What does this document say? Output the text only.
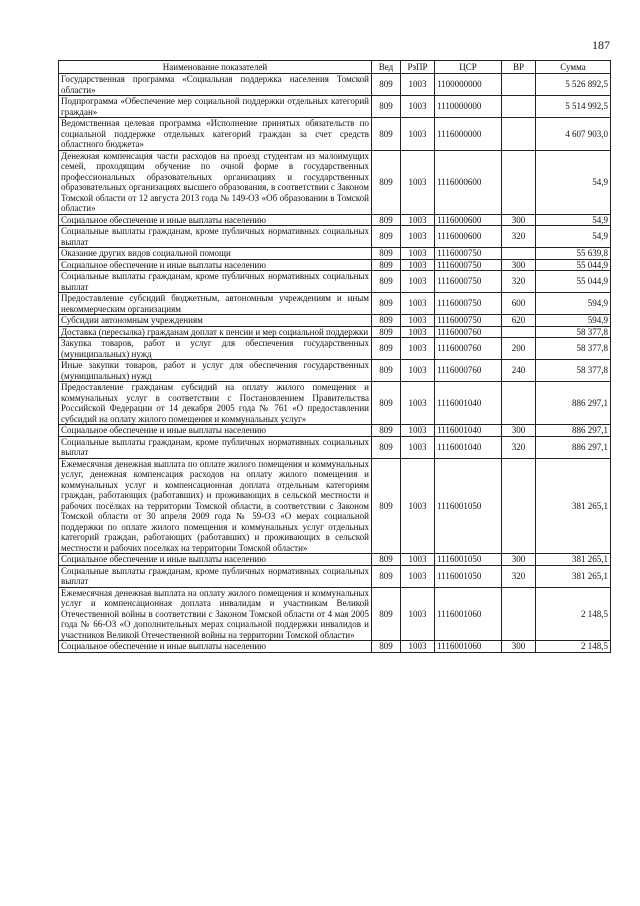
187
Наименование показателей	Вед	РзПР	ЦСР	ВР	Сумма
Государственная программа «Социальная поддержка населения Томской области»	809	1003	1100000000		5 526 892,5
Подпрограмма «Обеспечение мер социальной поддержки отдельных категорий граждан»	809	1003	1110000000		5 514 992,5
Ведомственная целевая программа «Исполнение принятых обязательств по социальной поддержке отдельных категорий граждан за счет средств областного бюджета»	809	1003	1116000000		4 607 903,0
Денежная компенсация части расходов на проезд студентам из малоимущих семей, проходящим обучение по очной форме в государственных профессиональных образовательных организациях и государственных образовательных организациях высшего образования, в соответствии с Законом Томской области от 12 августа 2013 года № 149-ОЗ «Об образовании в Томской области»	809	1003	1116000600		54,9
Социальное обеспечение и иные выплаты населению	809	1003	1116000600	300	54,9
Социальные выплаты гражданам, кроме публичных нормативных социальных выплат	809	1003	1116000600	320	54,9
Оказание других видов социальной помощи	809	1003	1116000750		55 639,8
Социальное обеспечение и иные выплаты населению	809	1003	1116000750	300	55 044,9
Социальные выплаты гражданам, кроме публичных нормативных социальных выплат	809	1003	1116000750	320	55 044,9
Предоставление субсидий бюджетным, автономным учреждениям и иным некоммерческим организациям	809	1003	1116000750	600	594,9
Субсидии автономным учреждениям	809	1003	1116000750	620	594,9
Доставка (пересылка) гражданам доплат к пенсии и мер социальной поддержки	809	1003	1116000760		58 377,8
Закупка товаров, работ и услуг для обеспечения государственных (муниципальных) нужд	809	1003	1116000760	200	58 377,8
Иные закупки товаров, работ и услуг для обеспечения государственных (муниципальных) нужд	809	1003	1116000760	240	58 377,8
Предоставление гражданам субсидий на оплату жилого помещения и коммунальных услуг в соответствии с Постановлением Правительства Российской Федерации от 14 декабря 2005 года № 761 «О предоставлении субсидий на оплату жилого помещения и коммунальных услуг»	809	1003	1116001040		886 297,1
Социальное обеспечение и иные выплаты населению	809	1003	1116001040	300	886 297,1
Социальные выплаты гражданам, кроме публичных нормативных социальных выплат	809	1003	1116001040	320	886 297,1
Ежемесячная денежная выплата по оплате жилого помещения и коммунальных услуг, денежная компенсация расходов на оплату жилого помещения и коммунальных услуг и компенсационная доплата отдельным категориям граждан, работающих (работавших) и проживающих в сельской местности и рабочих посёлках на территории Томской области, в соответствии с Законом Томской области от 30 апреля 2009 года № 59-ОЗ «О мерах социальной поддержки по оплате жилого помещения и коммунальных услуг отдельных категорий граждан, работающих (работавших) и проживающих в сельской местности и рабочих поселках на территории Томской области»	809	1003	1116001050		381 265,1
Социальное обеспечение и иные выплаты населению	809	1003	1116001050	300	381 265,1
Социальные выплаты гражданам, кроме публичных нормативных социальных выплат	809	1003	1116001050	320	381 265,1
Ежемесячная денежная выплата на оплату жилого помещения и коммунальных услуг и компенсационная доплата инвалидам и участникам Великой Отечественной войны в соответствии с Законом Томской области от 4 мая 2005 года № 66-ОЗ «О дополнительных мерах социальной поддержки инвалидов и участников Великой Отечественной войны на территории Томской области»	809	1003	1116001060		2 148,5
Социальное обеспечение и иные выплаты населению	809	1003	1116001060	300	2 148,5
